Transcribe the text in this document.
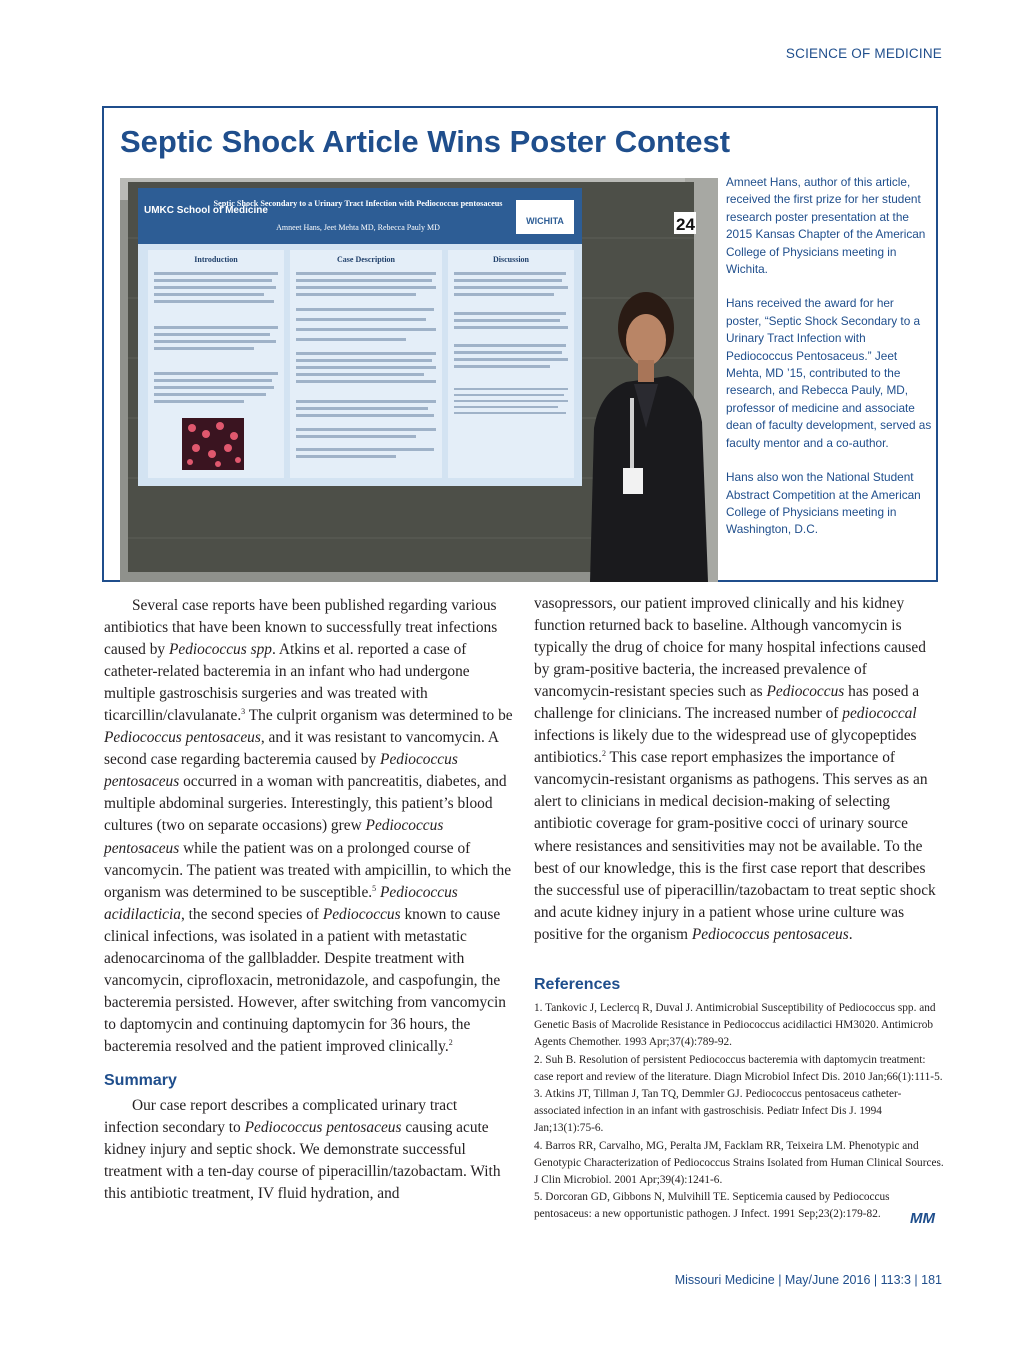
SCIENCE OF MEDICINE
Septic Shock Article Wins Poster Contest
24
UMKC School of Medicine
Septic Shock Secondary to a Urinary Tract Infection with Pediococcus pentosaceus
Amneet Hans, Jeet Mehta MD, Rebecca Pauly MD
WICHITA
Introduction	Case Description	Discussion

Amneet Hans, author of this article, received the first prize for her student research poster presentation at the 2015 Kansas Chapter of the American College of Physicians meeting in Wichita.

Hans received the award for her poster, “Septic Shock Secondary to a Urinary Tract Infection with Pediococcus Pentosaceus.” Jeet Mehta, MD ’15, contributed to the research, and Rebecca Pauly, MD, professor of medicine and associate dean of faculty development, served as faculty mentor and a co-author.

Hans also won the National Student Abstract Competition at the American College of Physicians meeting in Washington, D.C.

Several case reports have been published regarding various antibiotics that have been known to successfully treat infections caused by Pediococcus spp. Atkins et al. reported a case of catheter-related bacteremia in an infant who had undergone multiple gastroschisis surgeries and was treated with ticarcillin/clavulanate.$^3$ The culprit organism was determined to be Pediococcus pentosaceus, and it was resistant to vancomycin. A second case regarding bacteremia caused by Pediococcus pentosaceus occurred in a woman with pancreatitis, diabetes, and multiple abdominal surgeries. Interestingly, this patient’s blood cultures (two on separate occasions) grew Pediococcus pentosaceus while the patient was on a prolonged course of vancomycin. The patient was treated with ampicillin, to which the organism was determined to be susceptible.$^5$ Pediococcus acidilacticia, the second species of Pediococcus known to cause clinical infections, was isolated in a patient with metastatic adenocarcinoma of the gallbladder. Despite treatment with vancomycin, ciprofloxacin, metronidazole, and caspofungin, the bacteremia persisted. However, after switching from vancomycin to daptomycin and continuing daptomycin for 36 hours, the bacteremia resolved and the patient improved clinically.$^2$

Summary

Our case report describes a complicated urinary tract infection secondary to Pediococcus pentosaceus causing acute kidney injury and septic shock. We demonstrate successful treatment with a ten-day course of piperacillin/tazobactam. With this antibiotic treatment, IV fluid hydration, and

vasopressors, our patient improved clinically and his kidney function returned back to baseline. Although vancomycin is typically the drug of choice for many hospital infections caused by gram-positive bacteria, the increased prevalence of vancomycin-resistant species such as Pediococcus has posed a challenge for clinicians. The increased number of pediococcal infections is likely due to the widespread use of glycopeptides antibiotics.$^2$ This case report emphasizes the importance of vancomycin-resistant organisms as pathogens. This serves as an alert to clinicians in medical decision-making of selecting antibiotic coverage for gram-positive cocci of urinary source where resistances and sensitivities may not be available. To the best of our knowledge, this is the first case report that describes the successful use of piperacillin/tazobactam to treat septic shock and acute kidney injury in a patient whose urine culture was positive for the organism Pediococcus pentosaceus.

References

1. Tankovic J, Leclercq R, Duval J. Antimicrobial Susceptibility of Pediococcus spp. and Genetic Basis of Macrolide Resistance in Pediococcus acidilactici HM3020. Antimicrob Agents Chemother. 1993 Apr;37(4):789-92.

2. Suh B. Resolution of persistent Pediococcus bacteremia with daptomycin treatment: case report and review of the literature. Diagn Microbiol Infect Dis. 2010 Jan;66(1):111-5.

3. Atkins JT, Tillman J, Tan TQ, Demmler GJ. Pediococcus pentosaceus catheter-associated infection in an infant with gastroschisis. Pediatr Infect Dis J. 1994 Jan;13(1):75-6.

4. Barros RR, Carvalho, MG, Peralta JM, Facklam RR, Teixeira LM. Phenotypic and Genotypic Characterization of Pediococcus Strains Isolated from Human Clinical Sources. J Clin Microbiol. 2001 Apr;39(4):1241-6.

5. Dorcoran GD, Gibbons N, Mulvihill TE. Septicemia caused by Pediococcus pentosaceus: a new opportunistic pathogen. J Infect. 1991 Sep;23(2):179-82.	MM
Missouri Medicine | May/June 2016 | 113:3 | 181
